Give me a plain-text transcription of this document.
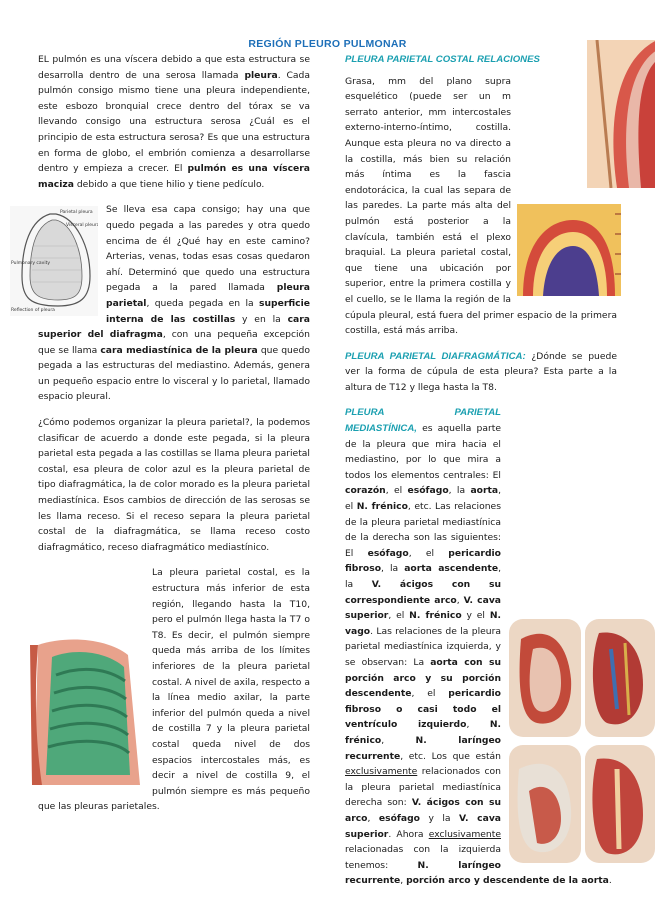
REGIÓN PLEURO PULMONAR

EL pulmón es una víscera debido a que esta estructura se desarrolla dentro de una serosa llamada pleura. Cada pulmón consigo mismo tiene una pleura independiente, este esbozo bronquial crece dentro del tórax se va llevando consigo una estructura serosa ¿Cuál es el principio de esta estructura serosa? Es que una estructura en forma de globo, el embrión comienza a desarrollarse dentro y empieza a crecer. El pulmón es una víscera maciza debido a que tiene hilio y tiene pedículo.

Parietal pleura
Visceral pleura
Pulmonary cavity
Reflection of pleura

Se lleva esa capa consigo; hay una que quedo pegada a las paredes y otra quedo encima de él ¿Qué hay en este camino? Arterias, venas, todas esas cosas quedaron ahí. Determinó que quedo una estructura pegada a la pared llamada pleura parietal, queda pegada en la superficie interna de las costillas y en la cara superior del diafragma, con una pequeña excepción que se llama cara mediastínica de la pleura que quedo pegada a las estructuras del mediastino. Además, genera un pequeño espacio entre lo visceral y lo parietal, llamado espacio pleural.

¿Cómo podemos organizar la pleura parietal?, la podemos clasificar de acuerdo a donde este pegada, si la pleura parietal esta pegada a las costillas se llama pleura parietal costal, esa pleura de color azul es la pleura parietal de tipo diafragmática, la de color morado es la pleura parietal mediastínica. Esos cambios de dirección de las serosas se les llama receso. Si el receso separa la pleura parietal costal de la diafragmática, se llama receso costo diafragmático, receso diafragmático mediastínico.

La pleura parietal costal, es la estructura más inferior de esta región, llegando hasta la T10, pero el pulmón llega hasta la T7 o T8. Es decir, el pulmón siempre queda más arriba de los límites inferiores de la pleura parietal costal. A nivel de axila, respecto a la línea medio axilar, la parte inferior del pulmón queda a nivel de costilla 7 y la pleura parietal costal queda nivel de dos espacios intercostales más, es decir a nivel de costilla 9, el pulmón siempre es más pequeño que las pleuras parietales.

PLEURA PARIETAL COSTAL RELACIONES

Grasa, mm del plano supra esquelético (puede ser un m serrato anterior, mm intercostales externo-interno-íntimo, costilla. Aunque esta pleura no va directo a la costilla, más bien su relación más íntima es la fascia endotorácica, la cual las separa de las paredes. La parte más alta del pulmón está posterior a la clavícula, también está el plexo braquial. La pleura parietal costal, que tiene una ubicación por superior, entre la primera costilla y el cuello, se le llama la región de la cúpula pleural, está fuera del primer espacio de la primera costilla, está más arriba.

PLEURA PARIETAL DIAFRAGMÁTICA: ¿Dónde se puede ver la forma de cúpula de esta pleura? Esta parte a la altura de T12 y llega hasta la T8.

PLEURA PARIETAL MEDIASTÍNICA, es aquella parte de la pleura que mira hacia el mediastino, por lo que mira a todos los elementos centrales: El corazón, el esófago, la aorta, el N. frénico, etc. Las relaciones de la pleura parietal mediastínica de la derecha son las siguientes: El esófago, el pericardio fibroso, la aorta ascendente, la V. ácigos con su correspondiente arco, V. cava superior, el N. frénico y el N. vago. Las relaciones de la pleura parietal mediastínica izquierda, y se observan: La aorta con su porción arco y su porción descendente, el pericardio fibroso o casi todo el ventrículo izquierdo, N. frénico, N. laríngeo recurrente, etc. Los que están exclusivamente relacionados con la pleura parietal mediastínica derecha son: V. ácigos con su arco, esófago y la V. cava superior. Ahora exclusivamente relacionadas con la izquierda tenemos: N. laríngeo recurrente, porción arco y descendente de la aorta.
